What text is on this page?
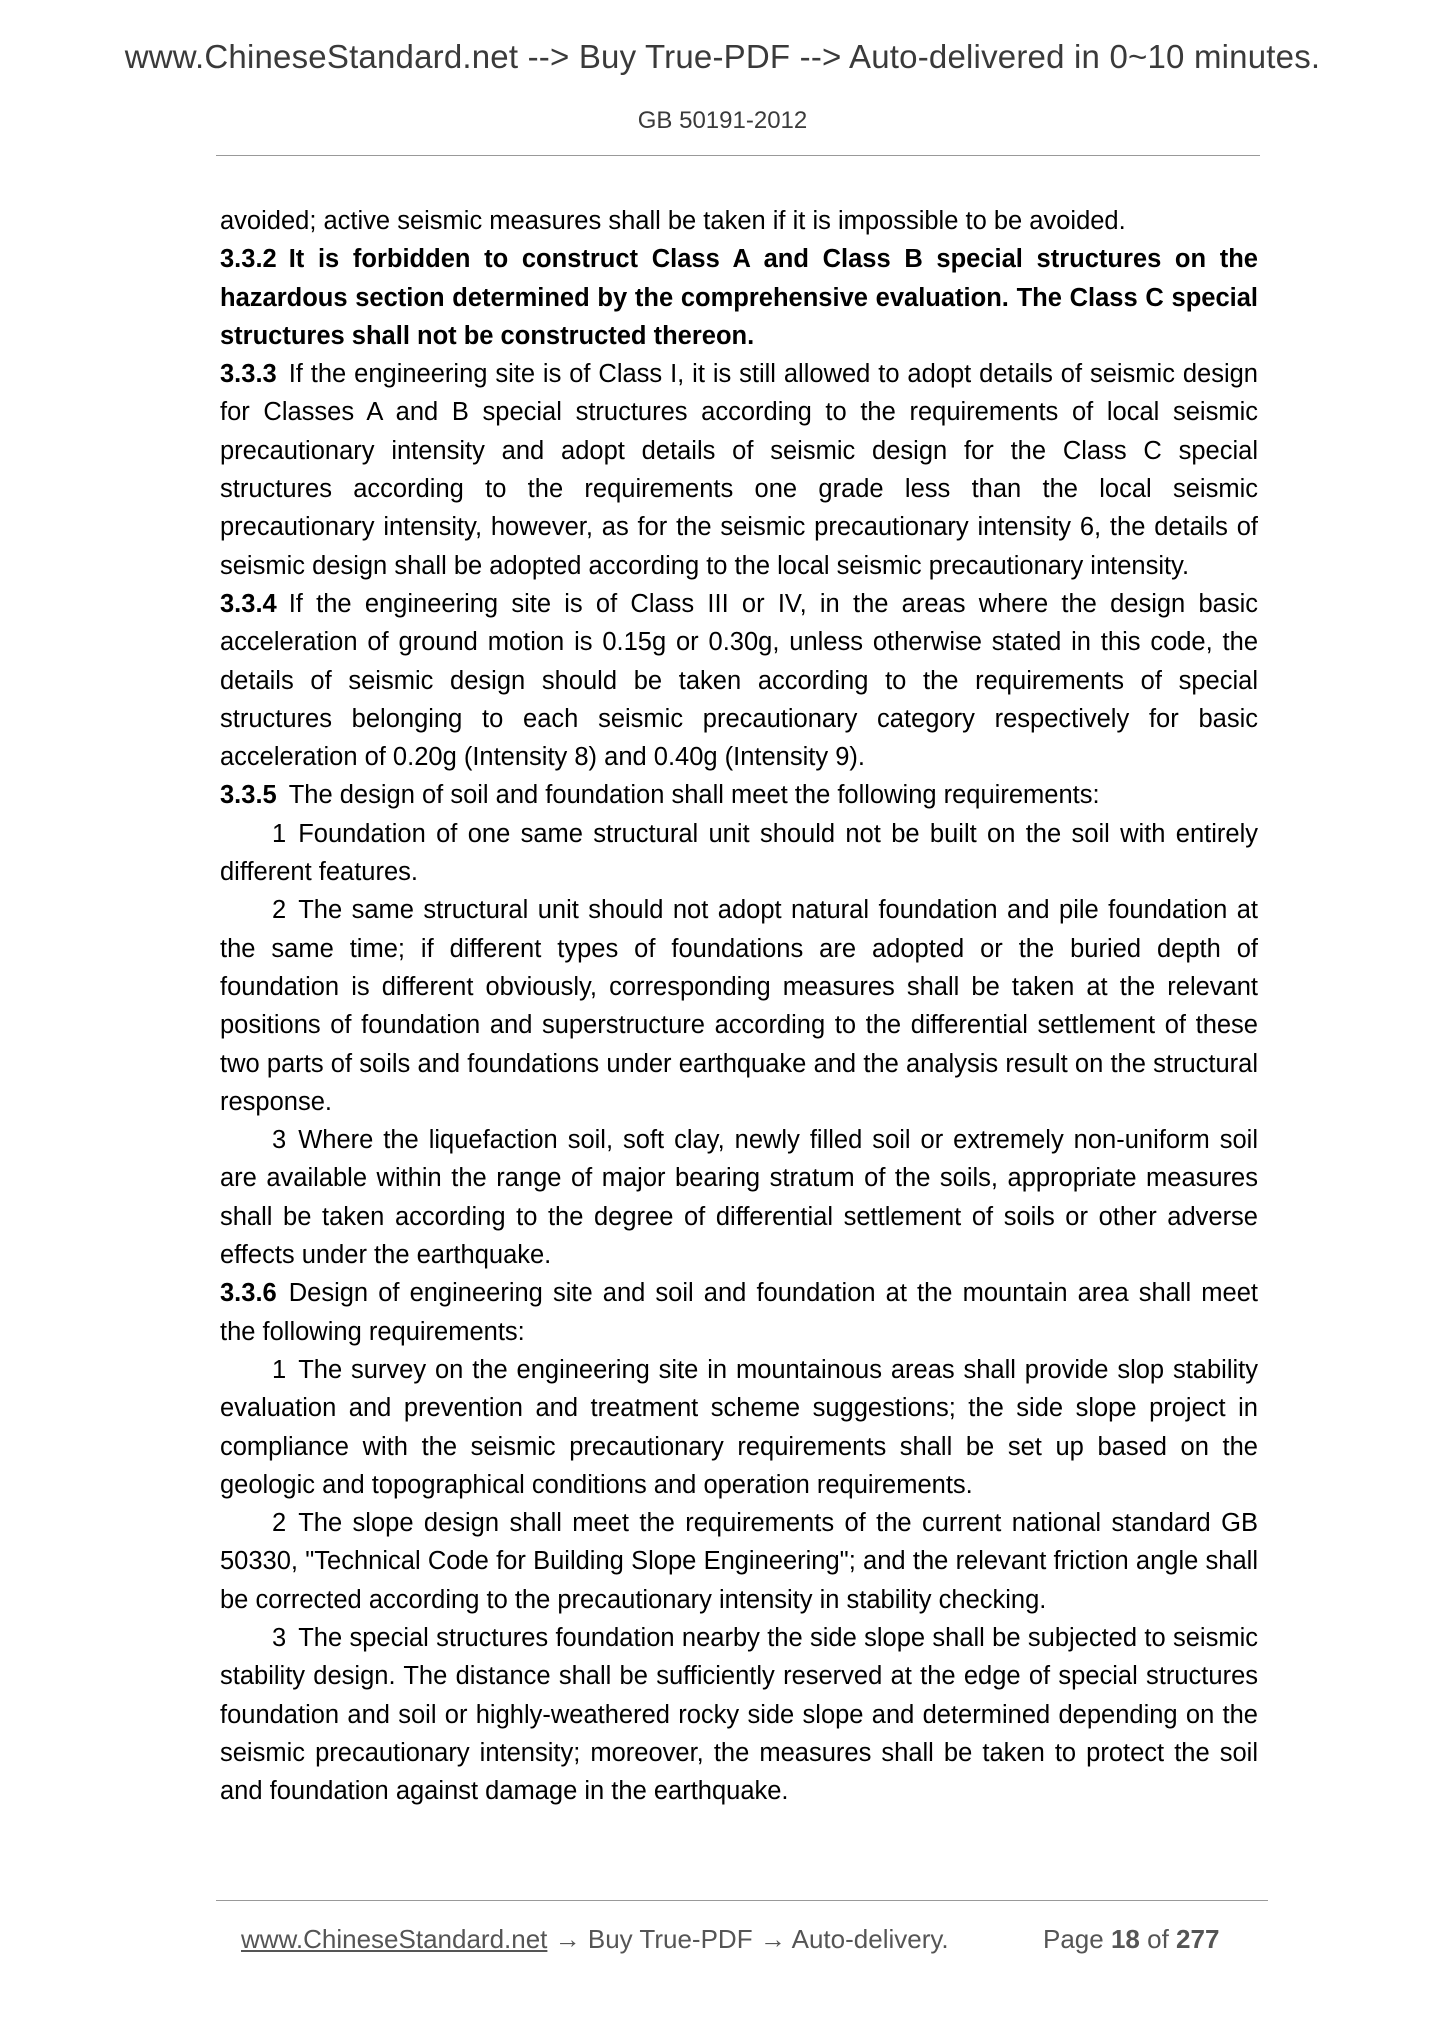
www.ChineseStandard.net --> Buy True-PDF --> Auto-delivered in 0~10 minutes.
GB 50191-2012

avoided; active seismic measures shall be taken if it is impossible to be avoided.

3.3.2 It is forbidden to construct Class A and Class B special structures on the hazardous section determined by the comprehensive evaluation. The Class C special structures shall not be constructed thereon.

3.3.3 If the engineering site is of Class I, it is still allowed to adopt details of seismic design for Classes A and B special structures according to the requirements of local seismic precautionary intensity and adopt details of seismic design for the Class C special structures according to the requirements one grade less than the local seismic precautionary intensity, however, as for the seismic precautionary intensity 6, the details of seismic design shall be adopted according to the local seismic precautionary intensity.

3.3.4 If the engineering site is of Class III or IV, in the areas where the design basic acceleration of ground motion is 0.15g or 0.30g, unless otherwise stated in this code, the details of seismic design should be taken according to the requirements of special structures belonging to each seismic precautionary category respectively for basic acceleration of 0.20g (Intensity 8) and 0.40g (Intensity 9).

3.3.5 The design of soil and foundation shall meet the following requirements:

1 Foundation of one same structural unit should not be built on the soil with entirely different features.

2 The same structural unit should not adopt natural foundation and pile foundation at the same time; if different types of foundations are adopted or the buried depth of foundation is different obviously, corresponding measures shall be taken at the relevant positions of foundation and superstructure according to the differential settlement of these two parts of soils and foundations under earthquake and the analysis result on the structural response.

3 Where the liquefaction soil, soft clay, newly filled soil or extremely non-uniform soil are available within the range of major bearing stratum of the soils, appropriate measures shall be taken according to the degree of differential settlement of soils or other adverse effects under the earthquake.

3.3.6 Design of engineering site and soil and foundation at the mountain area shall meet the following requirements:

1 The survey on the engineering site in mountainous areas shall provide slop stability evaluation and prevention and treatment scheme suggestions; the side slope project in compliance with the seismic precautionary requirements shall be set up based on the geologic and topographical conditions and operation requirements.

2 The slope design shall meet the requirements of the current national standard GB 50330, "Technical Code for Building Slope Engineering"; and the relevant friction angle shall be corrected according to the precautionary intensity in stability checking.

3 The special structures foundation nearby the side slope shall be subjected to seismic stability design. The distance shall be sufficiently reserved at the edge of special structures foundation and soil or highly-weathered rocky side slope and determined depending on the seismic precautionary intensity; moreover, the measures shall be taken to protect the soil and foundation against damage in the earthquake.

www.ChineseStandard.net → Buy True-PDF → Auto-delivery.	Page 18 of 277
